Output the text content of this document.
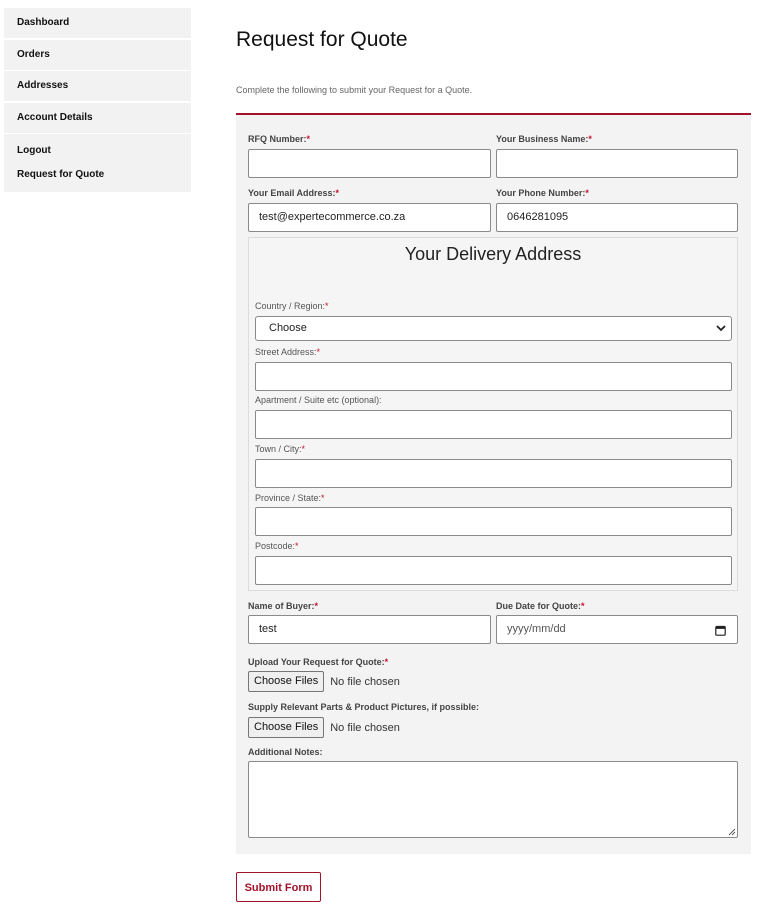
Dashboard
Orders
Addresses
Account Details
Logout
Request for Quote
Request for Quote
Complete the following to submit your Request for a Quote.
RFQ Number:*	Your Business Name:*
Your Email Address:*
test@expertecommerce.co.za
Your Phone Number:*
0646281095
Your Delivery Address
Country / Region:*
Choose
Street Address:*
Apartment / Suite etc (optional):
Town / City:*
Province / State:*
Postcode:*
Name of Buyer:*
test
Due Date for Quote:*
yyyy/mm/dd
Upload Your Request for Quote:*
Choose Files	No file chosen
Supply Relevant Parts & Product Pictures, if possible:
Choose Files	No file chosen
Additional Notes:
Submit Form
